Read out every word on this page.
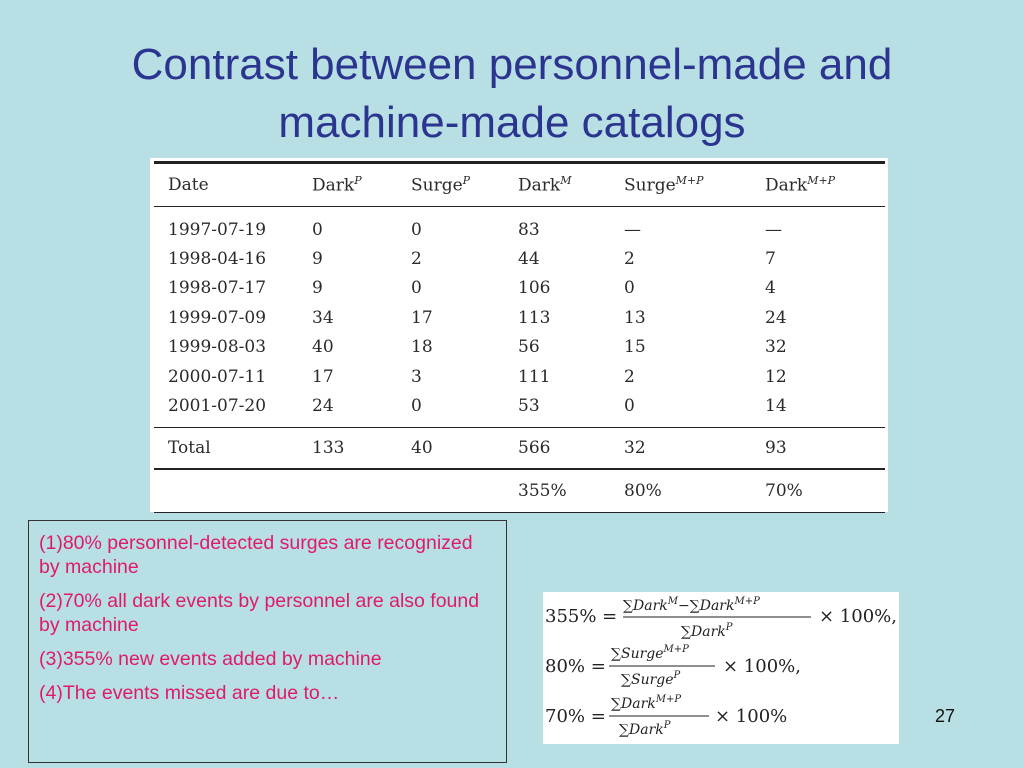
Contrast between personnel-made and
machine-made catalogs
Date	Dark$^P$	Surge$^P$	Dark$^M$	Surge$^{M+P}$	Dark$^{M+P}$
1997-07-19	0	0	83	—	—
1998-04-16	9	2	44	2	7
1998-07-17	9	0	106	0	4
1999-07-09	34	17	113	13	24
1999-08-03	40	18	56	15	32
2000-07-11	17	3	111	2	12
2001-07-20	24	0	53	0	14
Total	133	40	566	32	93
			355%	80%	70%

(1)80% personnel-detected surges are recognized by machine

(2)70% all dark events by personnel are also found by machine

(3)355% new events added by machine

(4)The events missed are due to…

355% = ∑Dark$^M$−∑Dark$^{M+P}$
∑Dark$^P$
× 100%,
80% =
∑Surge$^{M+P}$
∑Surge$^P$ × 100%,
70% =
∑Dark$^{M+P}$
∑Dark$^P$ × 100%	27
